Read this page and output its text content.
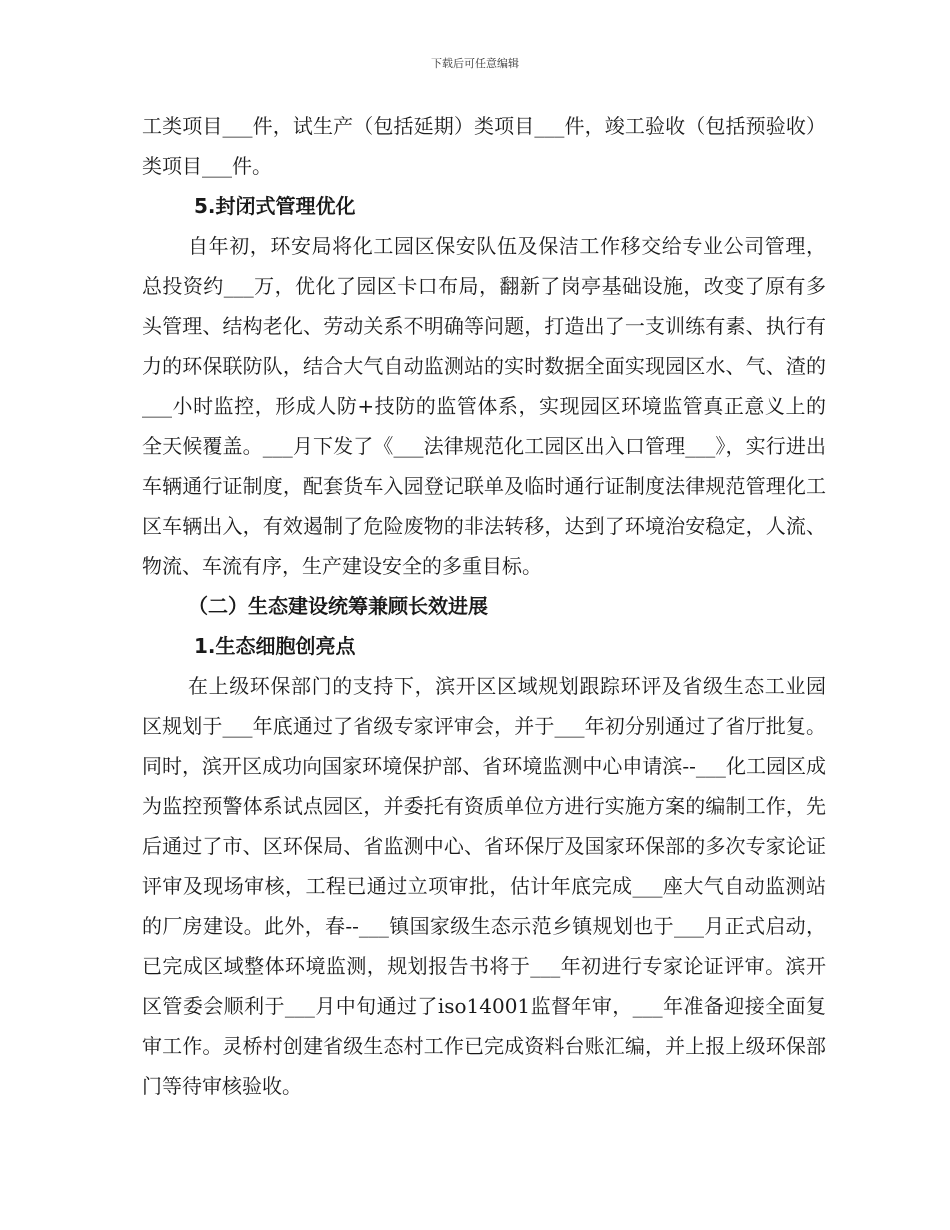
下载后可任意编辑

工类项目___件，试生产（包括延期）类项目___件，竣工验收（包括预验收）类项目___件。

5.封闭式管理优化

自年初，环安局将化工园区保安队伍及保洁工作移交给专业公司管理，总投资约___万，优化了园区卡口布局，翻新了岗亭基础设施，改变了原有多头管理、结构老化、劳动关系不明确等问题，打造出了一支训练有素、执行有力的环保联防队，结合大气自动监测站的实时数据全面实现园区水、气、渣的___小时监控，形成人防+技防的监管体系，实现园区环境监管真正意义上的全天候覆盖。___月下发了《___法律规范化工园区出入口管理___》，实行进出车辆通行证制度，配套货车入园登记联单及临时通行证制度法律规范管理化工区车辆出入，有效遏制了危险废物的非法转移，达到了环境治安稳定，人流、物流、车流有序，生产建设安全的多重目标。

（二）生态建设统筹兼顾长效进展

1.生态细胞创亮点

在上级环保部门的支持下，滨开区区域规划跟踪环评及省级生态工业园区规划于___年底通过了省级专家评审会，并于___年初分别通过了省厅批复。同时，滨开区成功向国家环境保护部、省环境监测中心申请滨--___化工园区成为监控预警体系试点园区，并委托有资质单位方进行实施方案的编制工作，先后通过了市、区环保局、省监测中心、省环保厅及国家环保部的多次专家论证评审及现场审核，工程已通过立项审批，估计年底完成___座大气自动监测站的厂房建设。此外，春--___镇国家级生态示范乡镇规划也于___月正式启动，已完成区域整体环境监测，规划报告书将于___年初进行专家论证评审。滨开区管委会顺利于___月中旬通过了iso14001监督年审，___年准备迎接全面复审工作。灵桥村创建省级生态村工作已完成资料台账汇编，并上报上级环保部门等待审核验收。
